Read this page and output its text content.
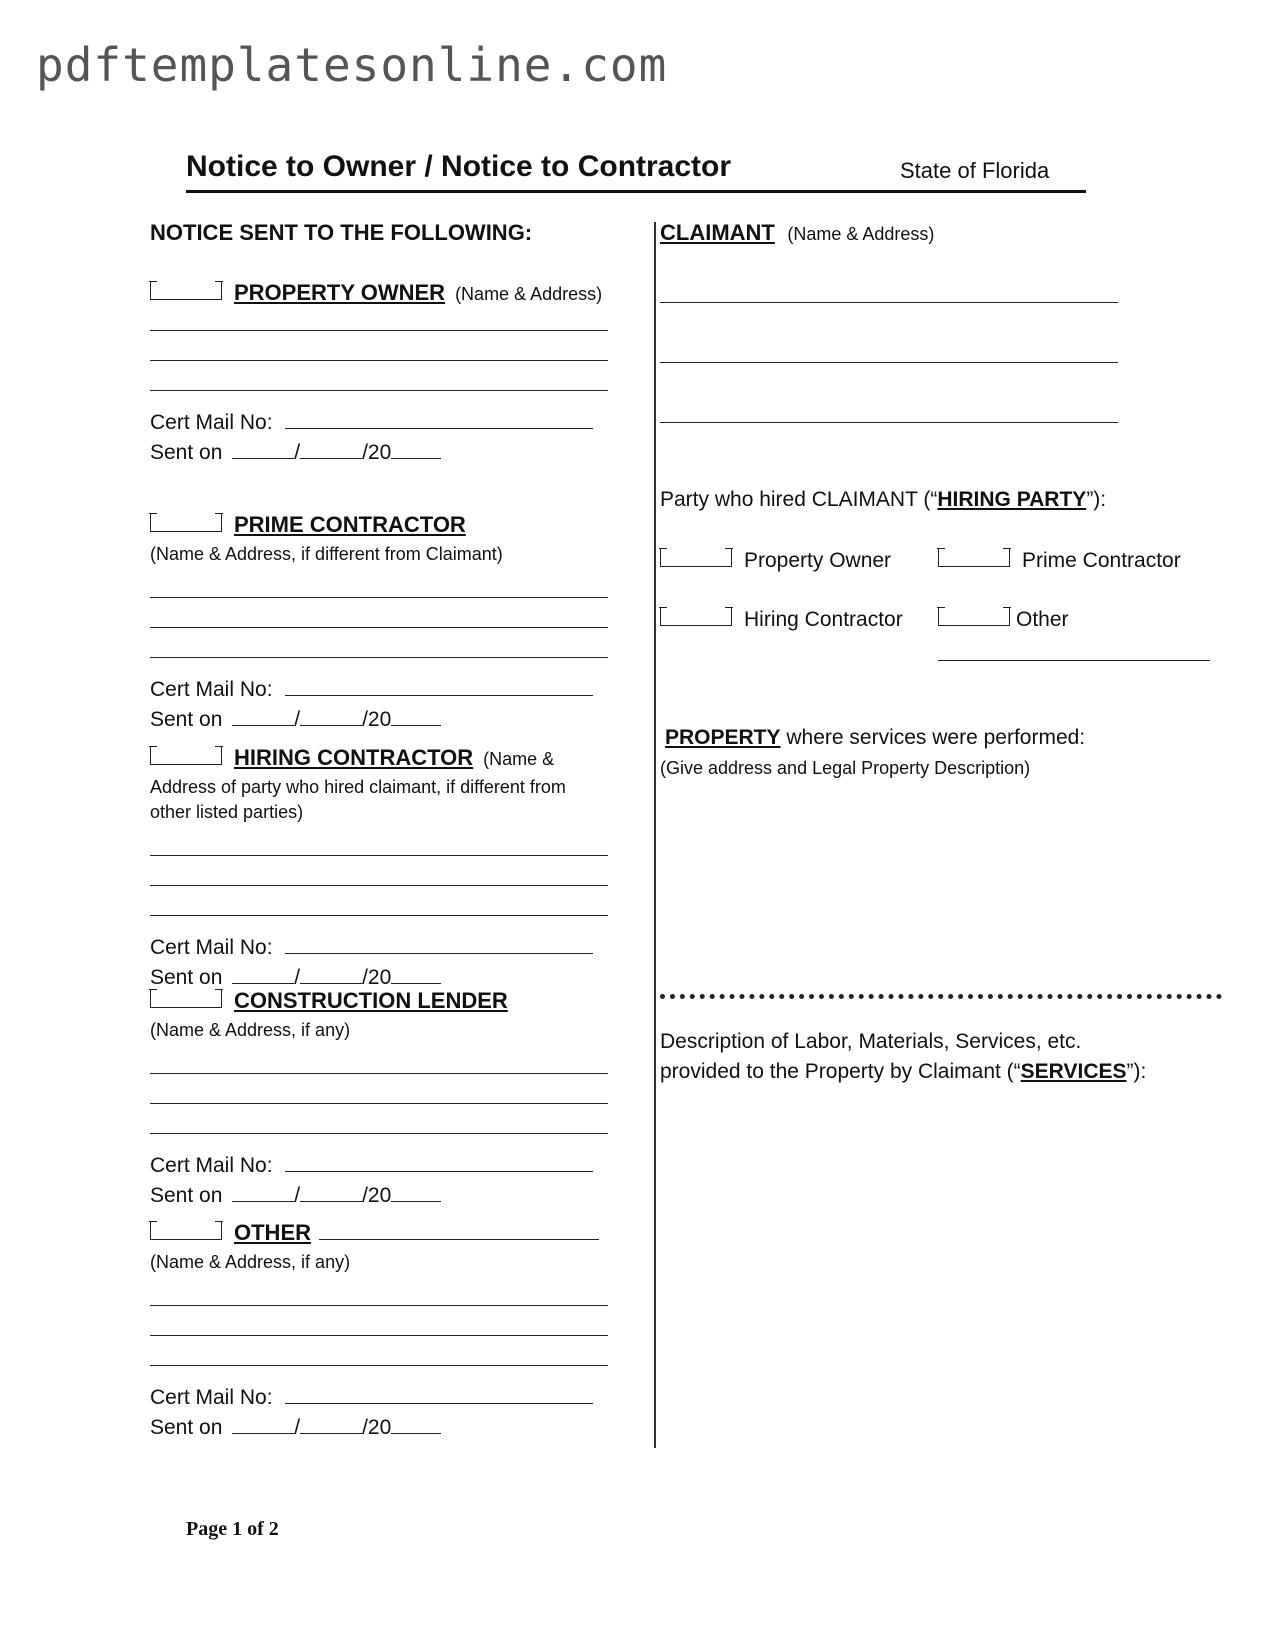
pdftemplatesonline.com
Notice to Owner / Notice to Contractor	State of Florida
NOTICE SENT TO THE FOLLOWING:
PROPERTY OWNER (Name & Address)
Cert Mail No:
Sent on	/	/20
PRIME CONTRACTOR
(Name & Address, if different from Claimant)
Cert Mail No:
Sent on	/	/20
HIRING CONTRACTOR (Name &
Address of party who hired claimant, if different from
other listed parties)
Cert Mail No:
Sent on	/	/20
CONSTRUCTION LENDER
(Name & Address, if any)
Cert Mail No:
Sent on	/	/20
OTHER
(Name & Address, if any)
Cert Mail No:
Sent on	/	/20
CLAIMANT (Name & Address)
Party who hired CLAIMANT (“HIRING PARTY”):
Property Owner	Prime Contractor
Hiring Contractor	Other
PROPERTY where services were performed:
(Give address and Legal Property Description)
Description of Labor, Materials, Services, etc.
provided to the Property by Claimant (“SERVICES”):
Page 1 of 2
